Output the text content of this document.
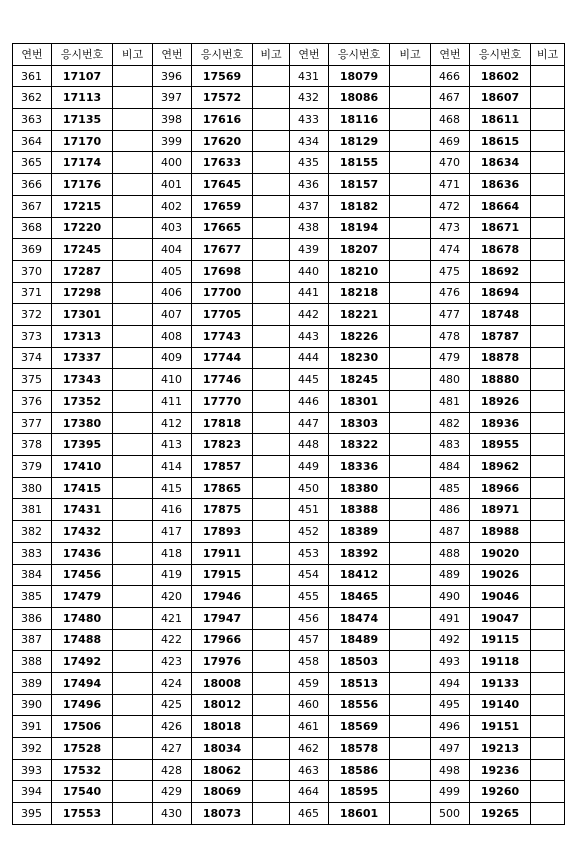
연번	응시번호	비고	연번	응시번호	비고	연번	응시번호	비고	연번	응시번호	비고
361	17107		396	17569		431	18079		466	18602	
362	17113		397	17572		432	18086		467	18607	
363	17135		398	17616		433	18116		468	18611	
364	17170		399	17620		434	18129		469	18615	
365	17174		400	17633		435	18155		470	18634	
366	17176		401	17645		436	18157		471	18636	
367	17215		402	17659		437	18182		472	18664	
368	17220		403	17665		438	18194		473	18671	
369	17245		404	17677		439	18207		474	18678	
370	17287		405	17698		440	18210		475	18692	
371	17298		406	17700		441	18218		476	18694	
372	17301		407	17705		442	18221		477	18748	
373	17313		408	17743		443	18226		478	18787	
374	17337		409	17744		444	18230		479	18878	
375	17343		410	17746		445	18245		480	18880	
376	17352		411	17770		446	18301		481	18926	
377	17380		412	17818		447	18303		482	18936	
378	17395		413	17823		448	18322		483	18955	
379	17410		414	17857		449	18336		484	18962	
380	17415		415	17865		450	18380		485	18966	
381	17431		416	17875		451	18388		486	18971	
382	17432		417	17893		452	18389		487	18988	
383	17436		418	17911		453	18392		488	19020	
384	17456		419	17915		454	18412		489	19026	
385	17479		420	17946		455	18465		490	19046	
386	17480		421	17947		456	18474		491	19047	
387	17488		422	17966		457	18489		492	19115	
388	17492		423	17976		458	18503		493	19118	
389	17494		424	18008		459	18513		494	19133	
390	17496		425	18012		460	18556		495	19140	
391	17506		426	18018		461	18569		496	19151	
392	17528		427	18034		462	18578		497	19213	
393	17532		428	18062		463	18586		498	19236	
394	17540		429	18069		464	18595		499	19260	
395	17553		430	18073		465	18601		500	19265	
